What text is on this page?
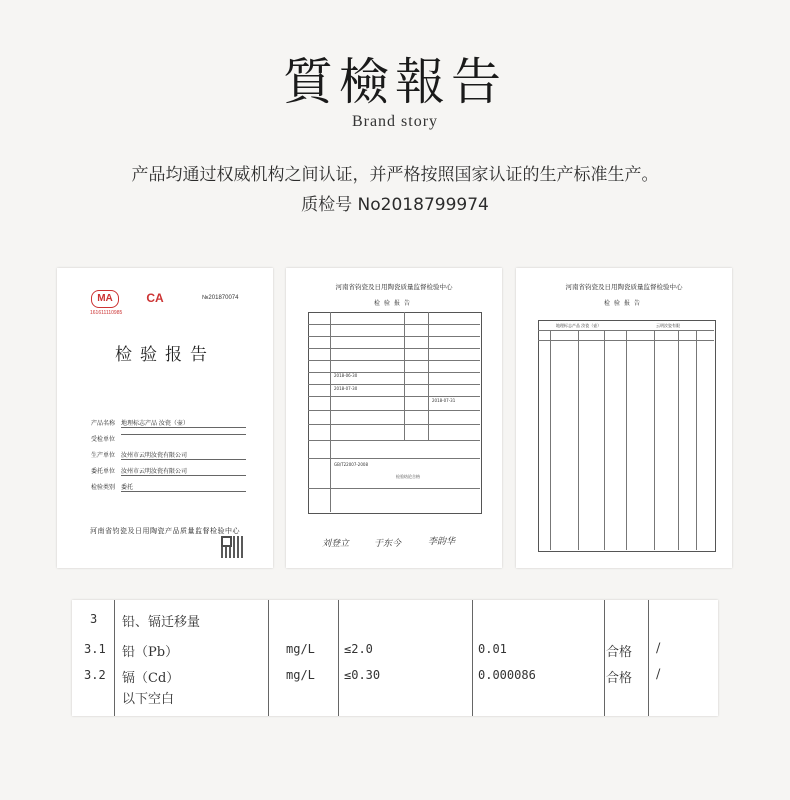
質檢報告
Brand story
产品均通过权威机构之间认证，并严格按照国家认证的生产标准生产。
质检号 No2018799974
MA	CA
161611110985
№201870074
检验报告
产品名称 地理标志产品 汝瓷（壶）
受检单位
生产单位 汝州市云明汝瓷有限公司
委托单位 汝州市云明汝瓷有限公司
检验类别 委托
河南省钧瓷及日用陶瓷产品质量监督检验中心
河南省钧瓷及日用陶瓷质量监督检验中心
检验报告
2018-06-30
2018-07-30
2018-07-31
GB/T22007-2008
检验结论合格
刘登立	于东今	李韵华
河南省钧瓷及日用陶瓷质量监督检验中心
检验报告
地理标志产品 汝瓷（壶）	云明汝瓷有限
3 铅、镉迁移量
3.1 铅（Pb）	mg/L ≤2.0	0.01	合格 /
3.2 镉（Cd）	mg/L ≤0.30	0.000086	合格 /
以下空白
